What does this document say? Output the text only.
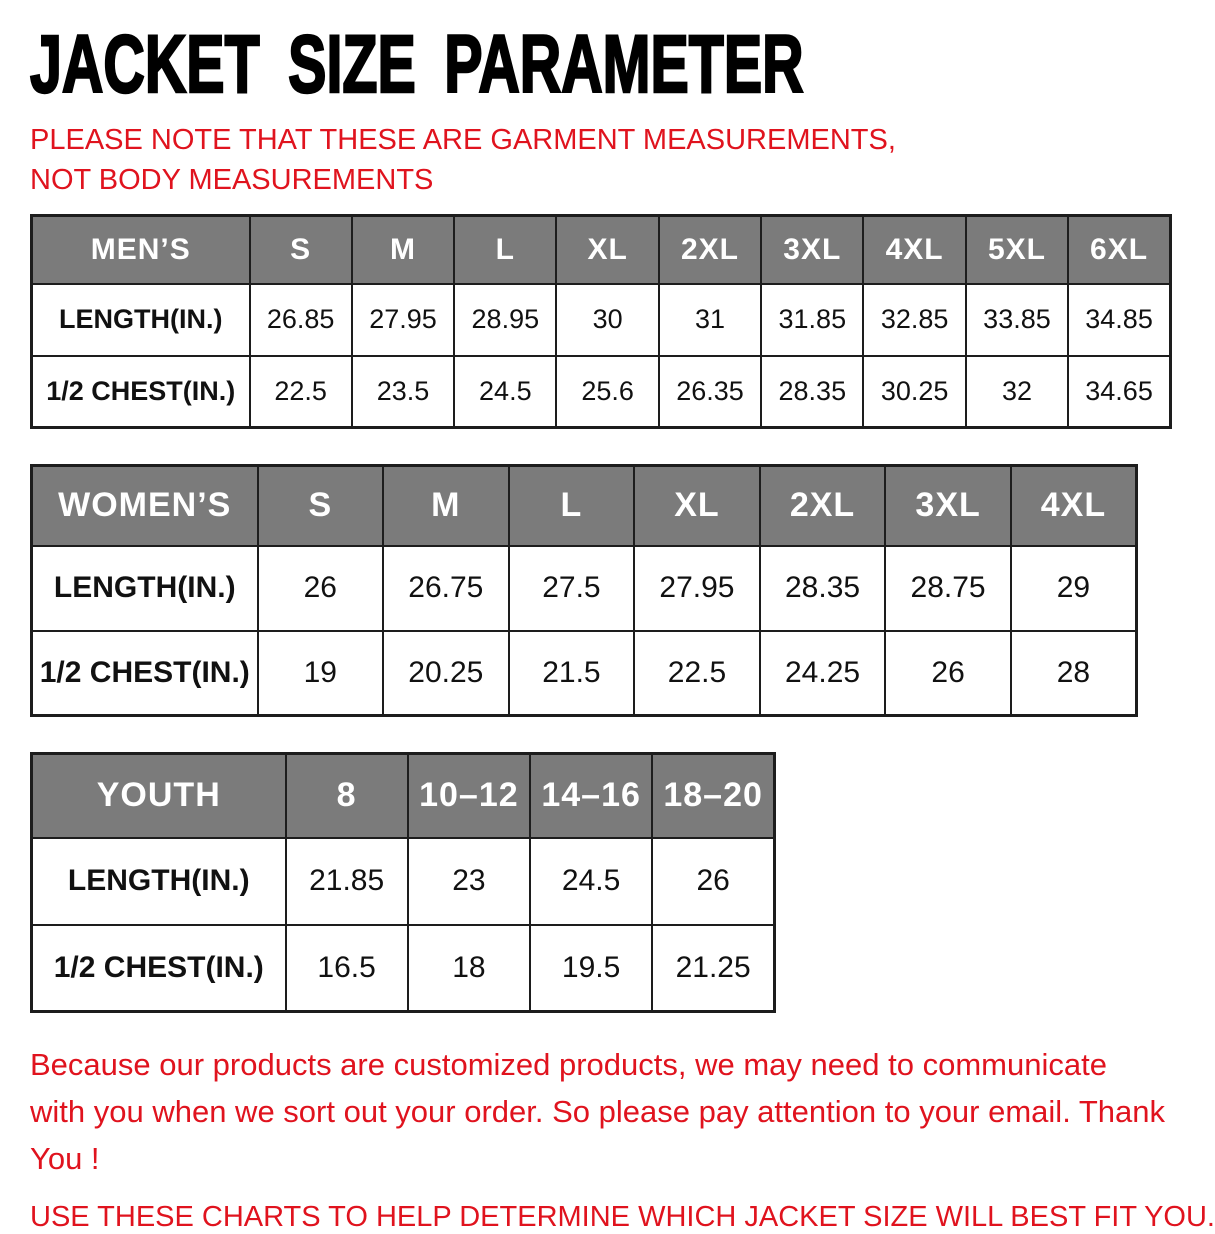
JACKET SIZE PARAMETER

PLEASE NOTE THAT THESE ARE GARMENT MEASUREMENTS, NOT BODY MEASUREMENTS

MEN’S	S	M	L	XL	2XL	3XL	4XL	5XL	6XL
LENGTH(IN.)	26.85	27.95	28.95	30	31	31.85	32.85	33.85	34.85
1/2 CHEST(IN.)	22.5	23.5	24.5	25.6	26.35	28.35	30.25	32	34.65
WOMEN’S	S	M	L	XL	2XL	3XL	4XL
LENGTH(IN.)	26	26.75	27.5	27.95	28.35	28.75	29
1/2 CHEST(IN.)	19	20.25	21.5	22.5	24.25	26	28
YOUTH	8	10–12	14–16	18–20
LENGTH(IN.)	21.85	23	24.5	26
1/2 CHEST(IN.)	16.5	18	19.5	21.25

Because our products are customized products, we may need to communicate with you when we sort out your order. So please pay attention to your email. Thank You !

USE THESE CHARTS TO HELP DETERMINE WHICH JACKET SIZE WILL BEST FIT YOU.
